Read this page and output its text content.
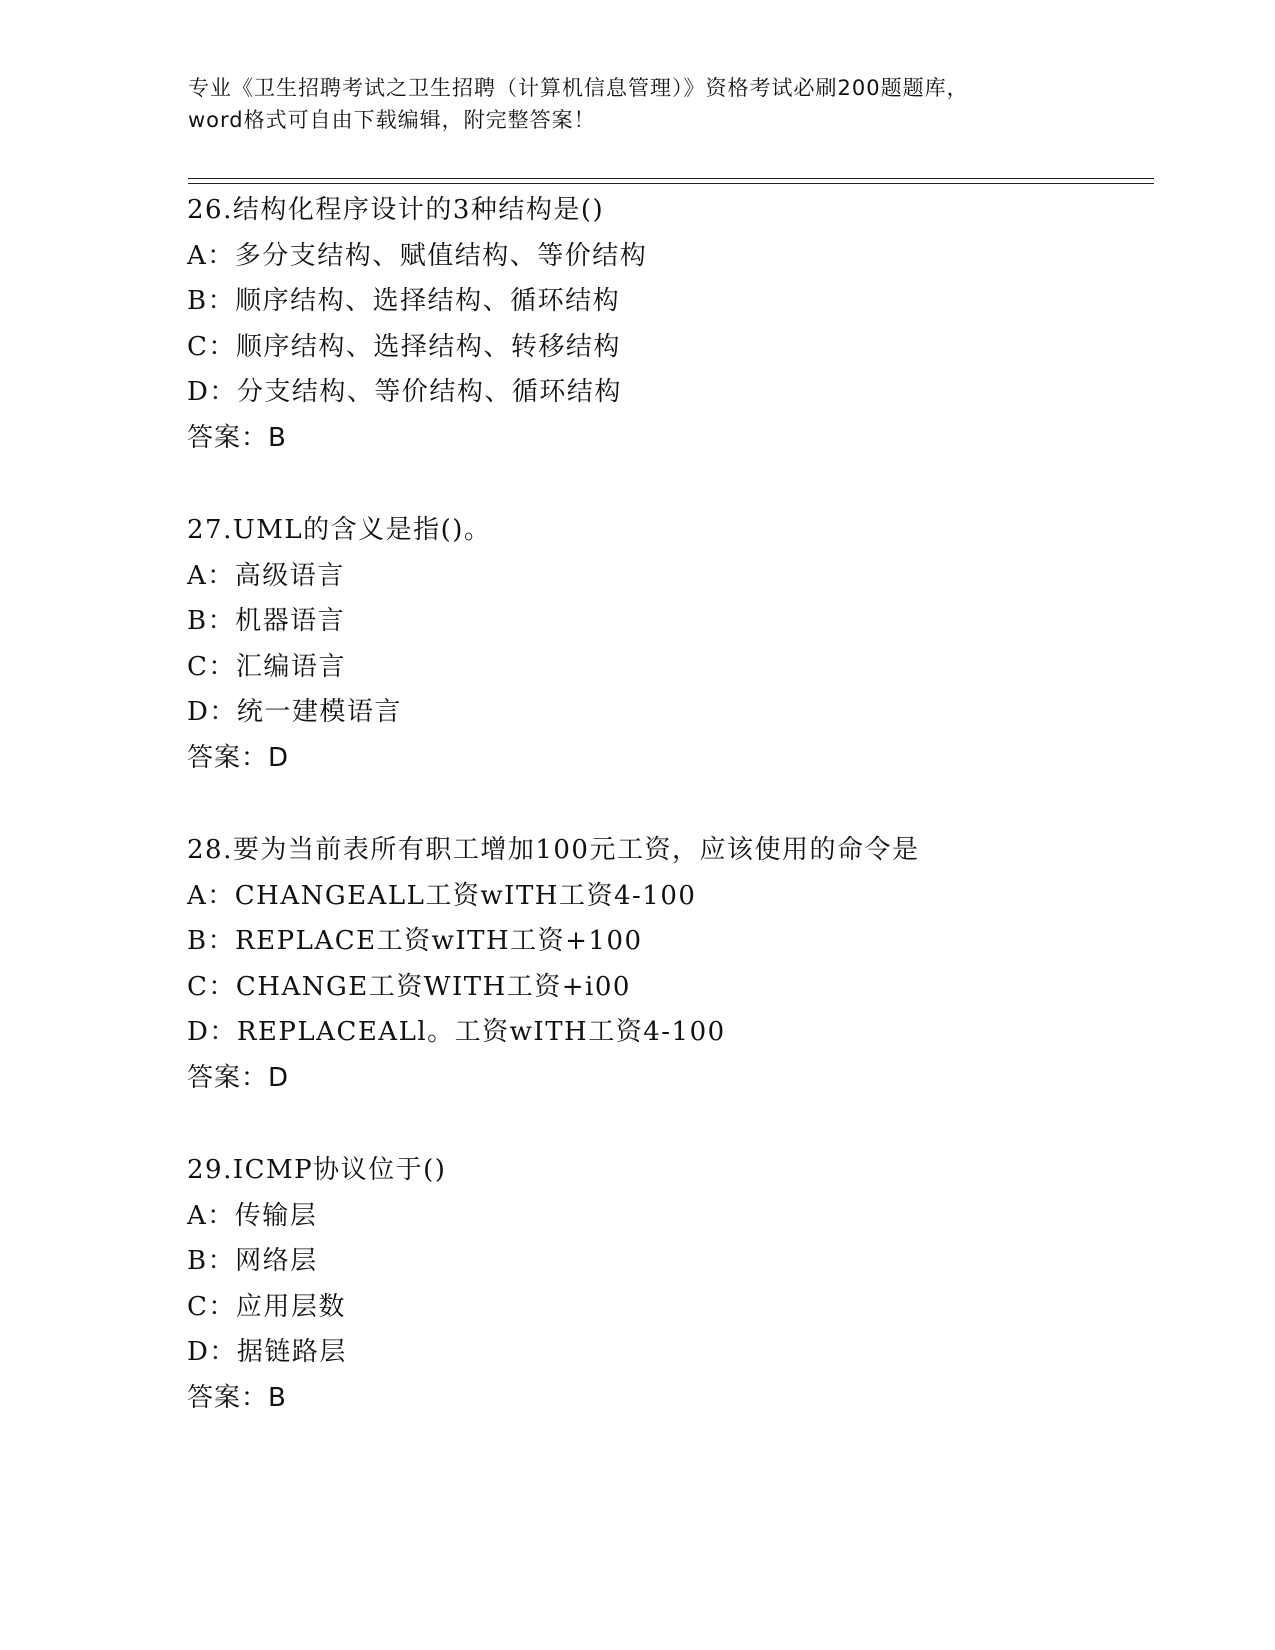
专业《卫生招聘考试之卫生招聘（计算机信息管理）》资格考试必刷200题题库，
word格式可自由下载编辑，附完整答案！
26.结构化程序设计的3种结构是()
A：多分支结构、赋值结构、等价结构
B：顺序结构、选择结构、循环结构
C：顺序结构、选择结构、转移结构
D：分支结构、等价结构、循环结构
答案：B
27.UML的含义是指()。
A：高级语言
B：机器语言
C：汇编语言
D：统一建模语言
答案：D
28.要为当前表所有职工增加100元工资，应该使用的命令是
A：CHANGEALL工资wITH工资4-100
B：REPLACE工资wITH工资+100
C：CHANGE工资WITH工资+i00
D：REPLACEALl。工资wITH工资4-100
答案：D
29.ICMP协议位于()
A：传输层
B：网络层
C：应用层数
D：据链路层
答案：B
